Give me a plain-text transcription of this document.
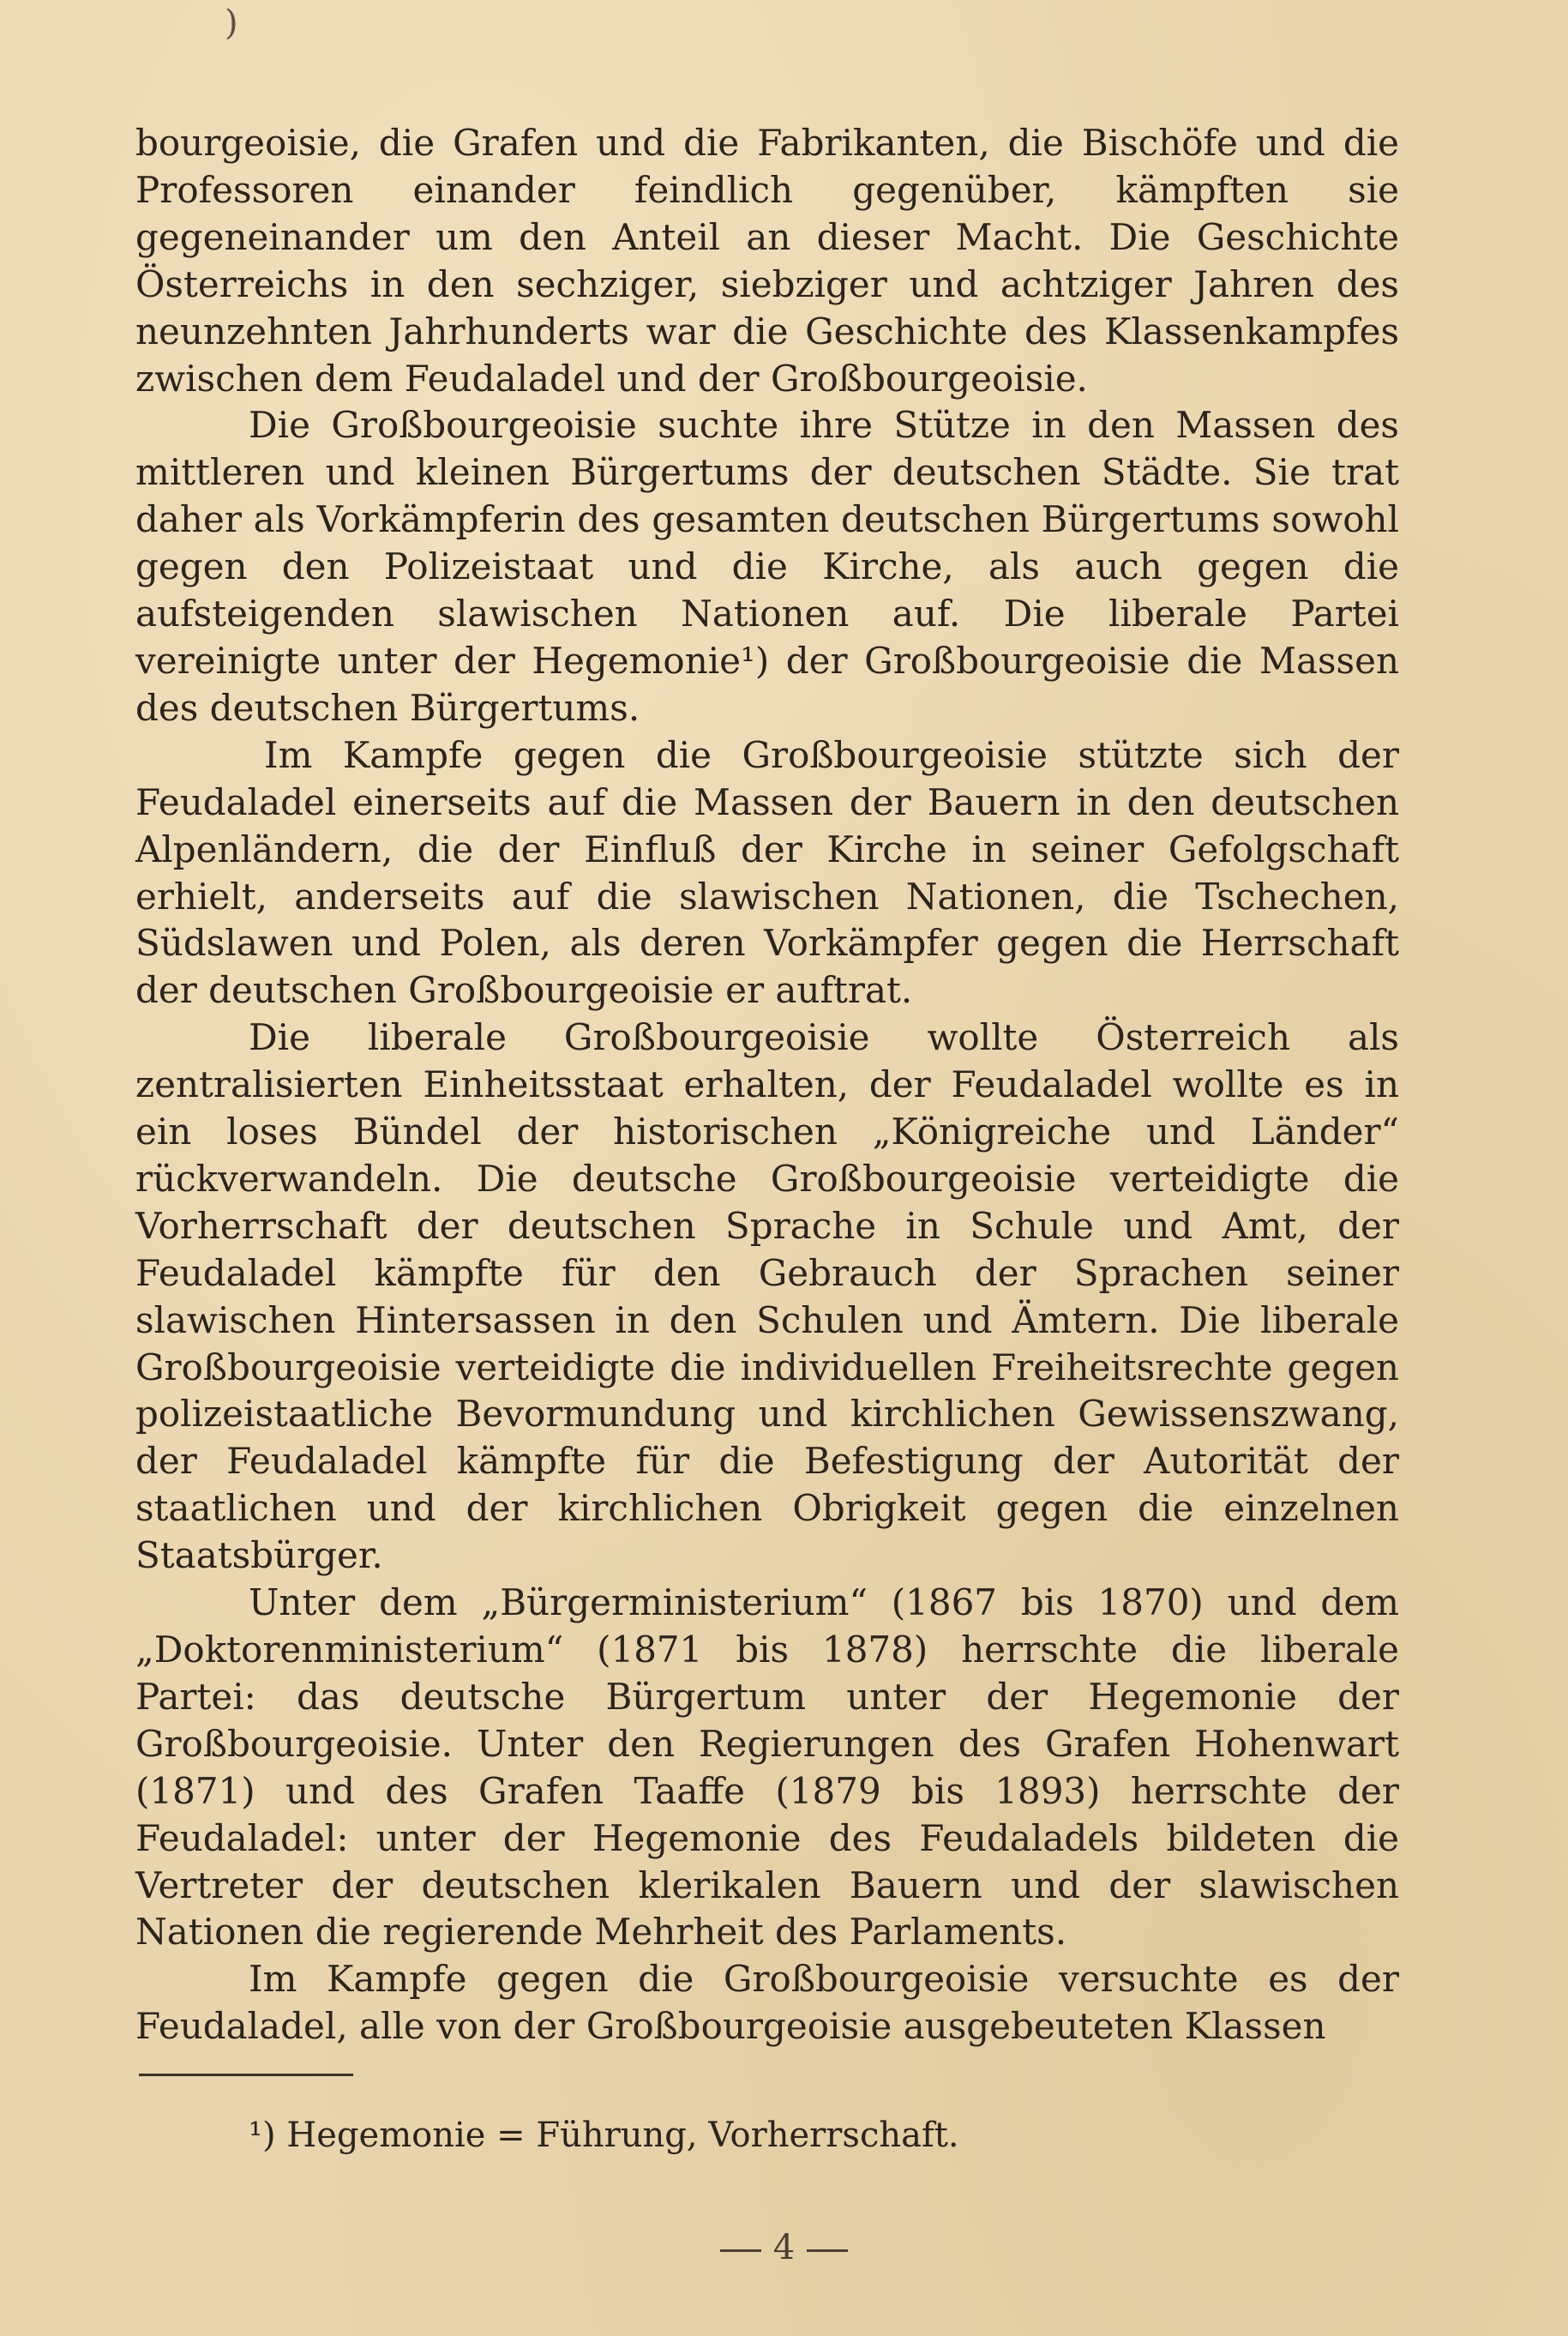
)

bourgeoisie, die Grafen und die Fabrikanten, die Bischöfe und die Professoren einander feindlich gegenüber, kämpften sie gegeneinander um den Anteil an dieser Macht. Die Geschichte Österreichs in den sechziger, siebziger und achtziger Jahren des neunzehnten Jahrhunderts war die Geschichte des Klassenkampfes zwischen dem Feudaladel und der Großbourgeoisie.

Die Großbourgeoisie suchte ihre Stütze in den Massen des mittleren und kleinen Bürgertums der deutschen Städte. Sie trat daher als Vorkämpferin des gesamten deutschen Bürgertums sowohl gegen den Polizeistaat und die Kirche, als auch gegen die aufsteigenden slawischen Nationen auf. Die liberale Partei vereinigte unter der Hegemonie¹) der Großbourgeoisie die Massen des deutschen Bürgertums.

Im Kampfe gegen die Großbourgeoisie stützte sich der Feudaladel einerseits auf die Massen der Bauern in den deutschen Alpenländern, die der Einfluß der Kirche in seiner Gefolgschaft erhielt, anderseits auf die slawischen Nationen, die Tschechen, Südslawen und Polen, als deren Vorkämpfer gegen die Herrschaft der deutschen Großbourgeoisie er auftrat.

Die liberale Großbourgeoisie wollte Österreich als zentralisierten Einheitsstaat erhalten, der Feudaladel wollte es in ein loses Bündel der historischen „Königreiche und Länder“ rückverwandeln. Die deutsche Großbourgeoisie verteidigte die Vorherrschaft der deutschen Sprache in Schule und Amt, der Feudaladel kämpfte für den Gebrauch der Sprachen seiner slawischen Hintersassen in den Schulen und Ämtern. Die liberale Großbourgeoisie verteidigte die individuellen Freiheitsrechte gegen polizeistaatliche Bevormundung und kirchlichen Gewissenszwang, der Feudaladel kämpfte für die Befestigung der Autorität der staatlichen und der kirchlichen Obrigkeit gegen die einzelnen Staatsbürger.

Unter dem „Bürgerministerium“ (1867 bis 1870) und dem „Doktorenministerium“ (1871 bis 1878) herrschte die liberale Partei: das deutsche Bürgertum unter der Hegemonie der Großbourgeoisie. Unter den Regierungen des Grafen Hohenwart (1871) und des Grafen Taaffe (1879 bis 1893) herrschte der Feudaladel: unter der Hegemonie des Feudaladels bildeten die Vertreter der deutschen klerikalen Bauern und der slawischen Nationen die regierende Mehrheit des Parlaments.

Im Kampfe gegen die Großbourgeoisie versuchte es der Feudaladel, alle von der Großbourgeoisie ausgebeuteten Klassen

¹) Hegemonie = Führung, Vorherrschaft.
4
